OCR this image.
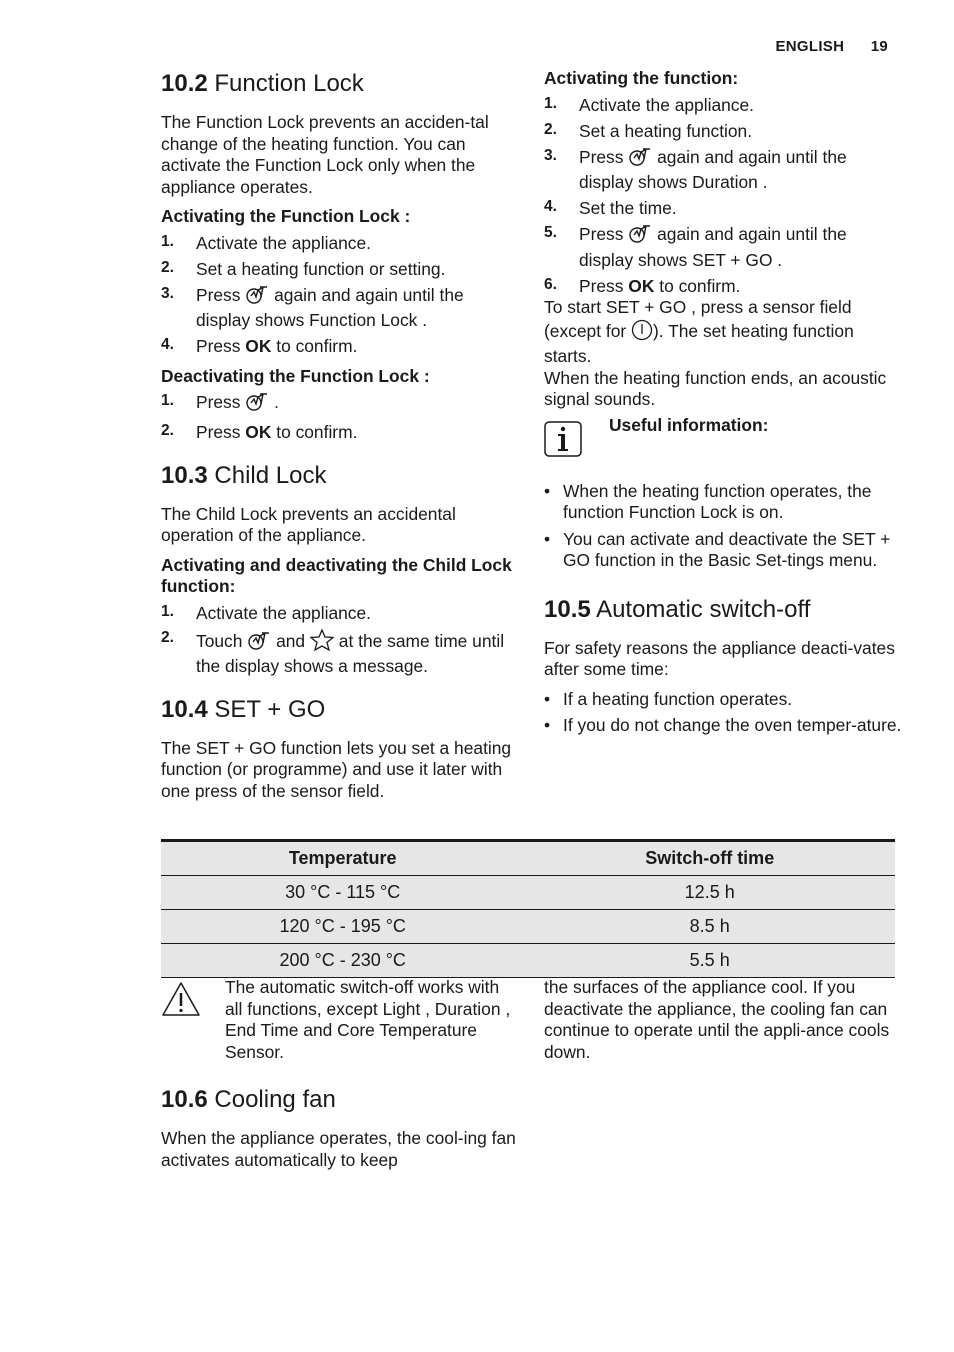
ENGLISH 19
10.2 Function Lock

The Function Lock prevents an acciden-tal change of the heating function. You can activate the Function Lock only when the appliance operates.

Activating the Function Lock :
1. Activate the appliance.
2. Set a heating function or setting.
3. Press again and again until the display shows Function Lock .
4. Press OK to confirm.
Deactivating the Function Lock :
1. Press .
2. Press OK to confirm.
10.3 Child Lock

The Child Lock prevents an accidental operation of the appliance.

Activating and deactivating the Child Lock function:
1. Activate the appliance.
2. Touch and at the same time until the display shows a message.
10.4 SET + GO

The SET + GO function lets you set a heating function (or programme) and use it later with one press of the sensor field.

Activating the function:
1. Activate the appliance.
2. Set a heating function.
3. Press again and again until the display shows Duration .
4. Set the time.
5. Press again and again until the display shows SET + GO .
6. Press OK to confirm.

To start SET + GO , press a sensor field (except for ). The set heating function starts.

When the heating function ends, an acoustic signal sounds.

Useful information:
• When the heating function operates, the function Function Lock is on.
• You can activate and deactivate the SET + GO function in the Basic Set-tings menu.
10.5 Automatic switch-off

For safety reasons the appliance deacti-vates after some time:

• If a heating function operates.
• If you do not change the oven temper-ature.
Temperature	Switch-off time
30 °C - 115 °C	12.5 h
120 °C - 195 °C	8.5 h
200 °C - 230 °C	5.5 h
The automatic switch-off works with all functions, except Light , Duration , End Time and Core Temperature Sensor.
the surfaces of the appliance cool. If you deactivate the appliance, the cooling fan can continue to operate until the appli-ance cools down.
10.6 Cooling fan

When the appliance operates, the cool-ing fan activates automatically to keep
